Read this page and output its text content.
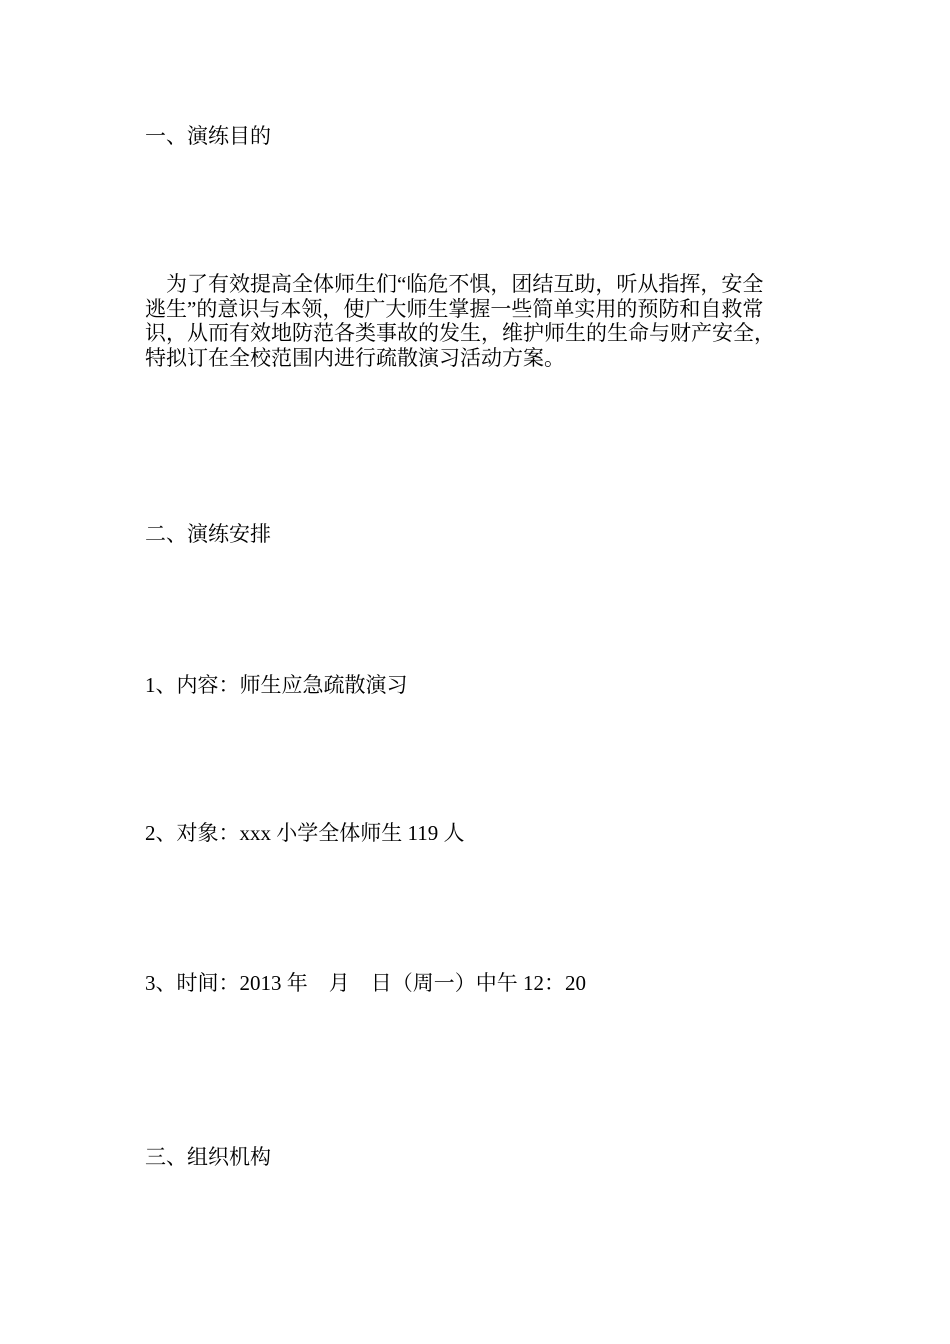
一、演练目的
　为了有效提高全体师生们“临危不惧，团结互助，听从指挥，安全
逃生”的意识与本领，使广大师生掌握一些简单实用的预防和自救常
识，从而有效地防范各类事故的发生，维护师生的生命与财产安全，
特拟订在全校范围内进行疏散演习活动方案。
二、演练安排
1、内容：师生应急疏散演习
2、对象：xxx 小学全体师生 119 人
3、时间：2013 年　月　日（周一）中午 12：20
三、组织机构
